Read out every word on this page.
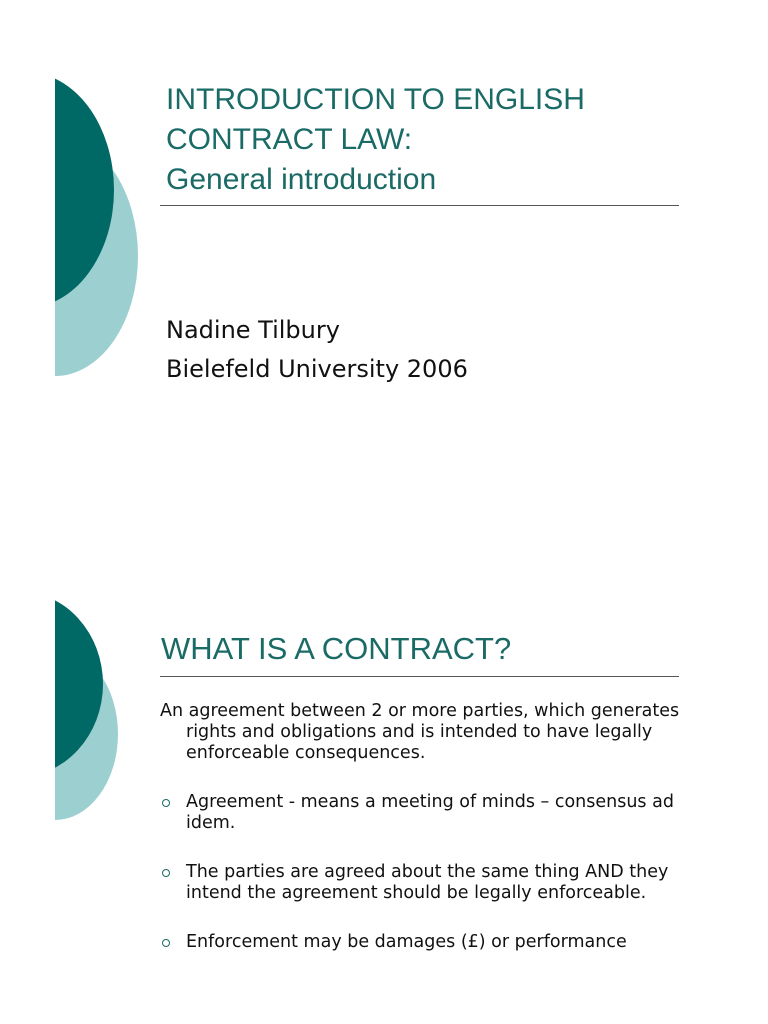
INTRODUCTION TO ENGLISH
CONTRACT LAW:
General introduction
Nadine Tilbury
Bielefeld University 2006
WHAT IS A CONTRACT?

An agreement between 2 or more parties, which generates rights and obligations and is intended to have legally enforceable consequences.

Agreement - means a meeting of minds – consensus ad idem.
The parties are agreed about the same thing AND they intend the agreement should be legally enforceable.
Enforcement may be damages (£) or performance
